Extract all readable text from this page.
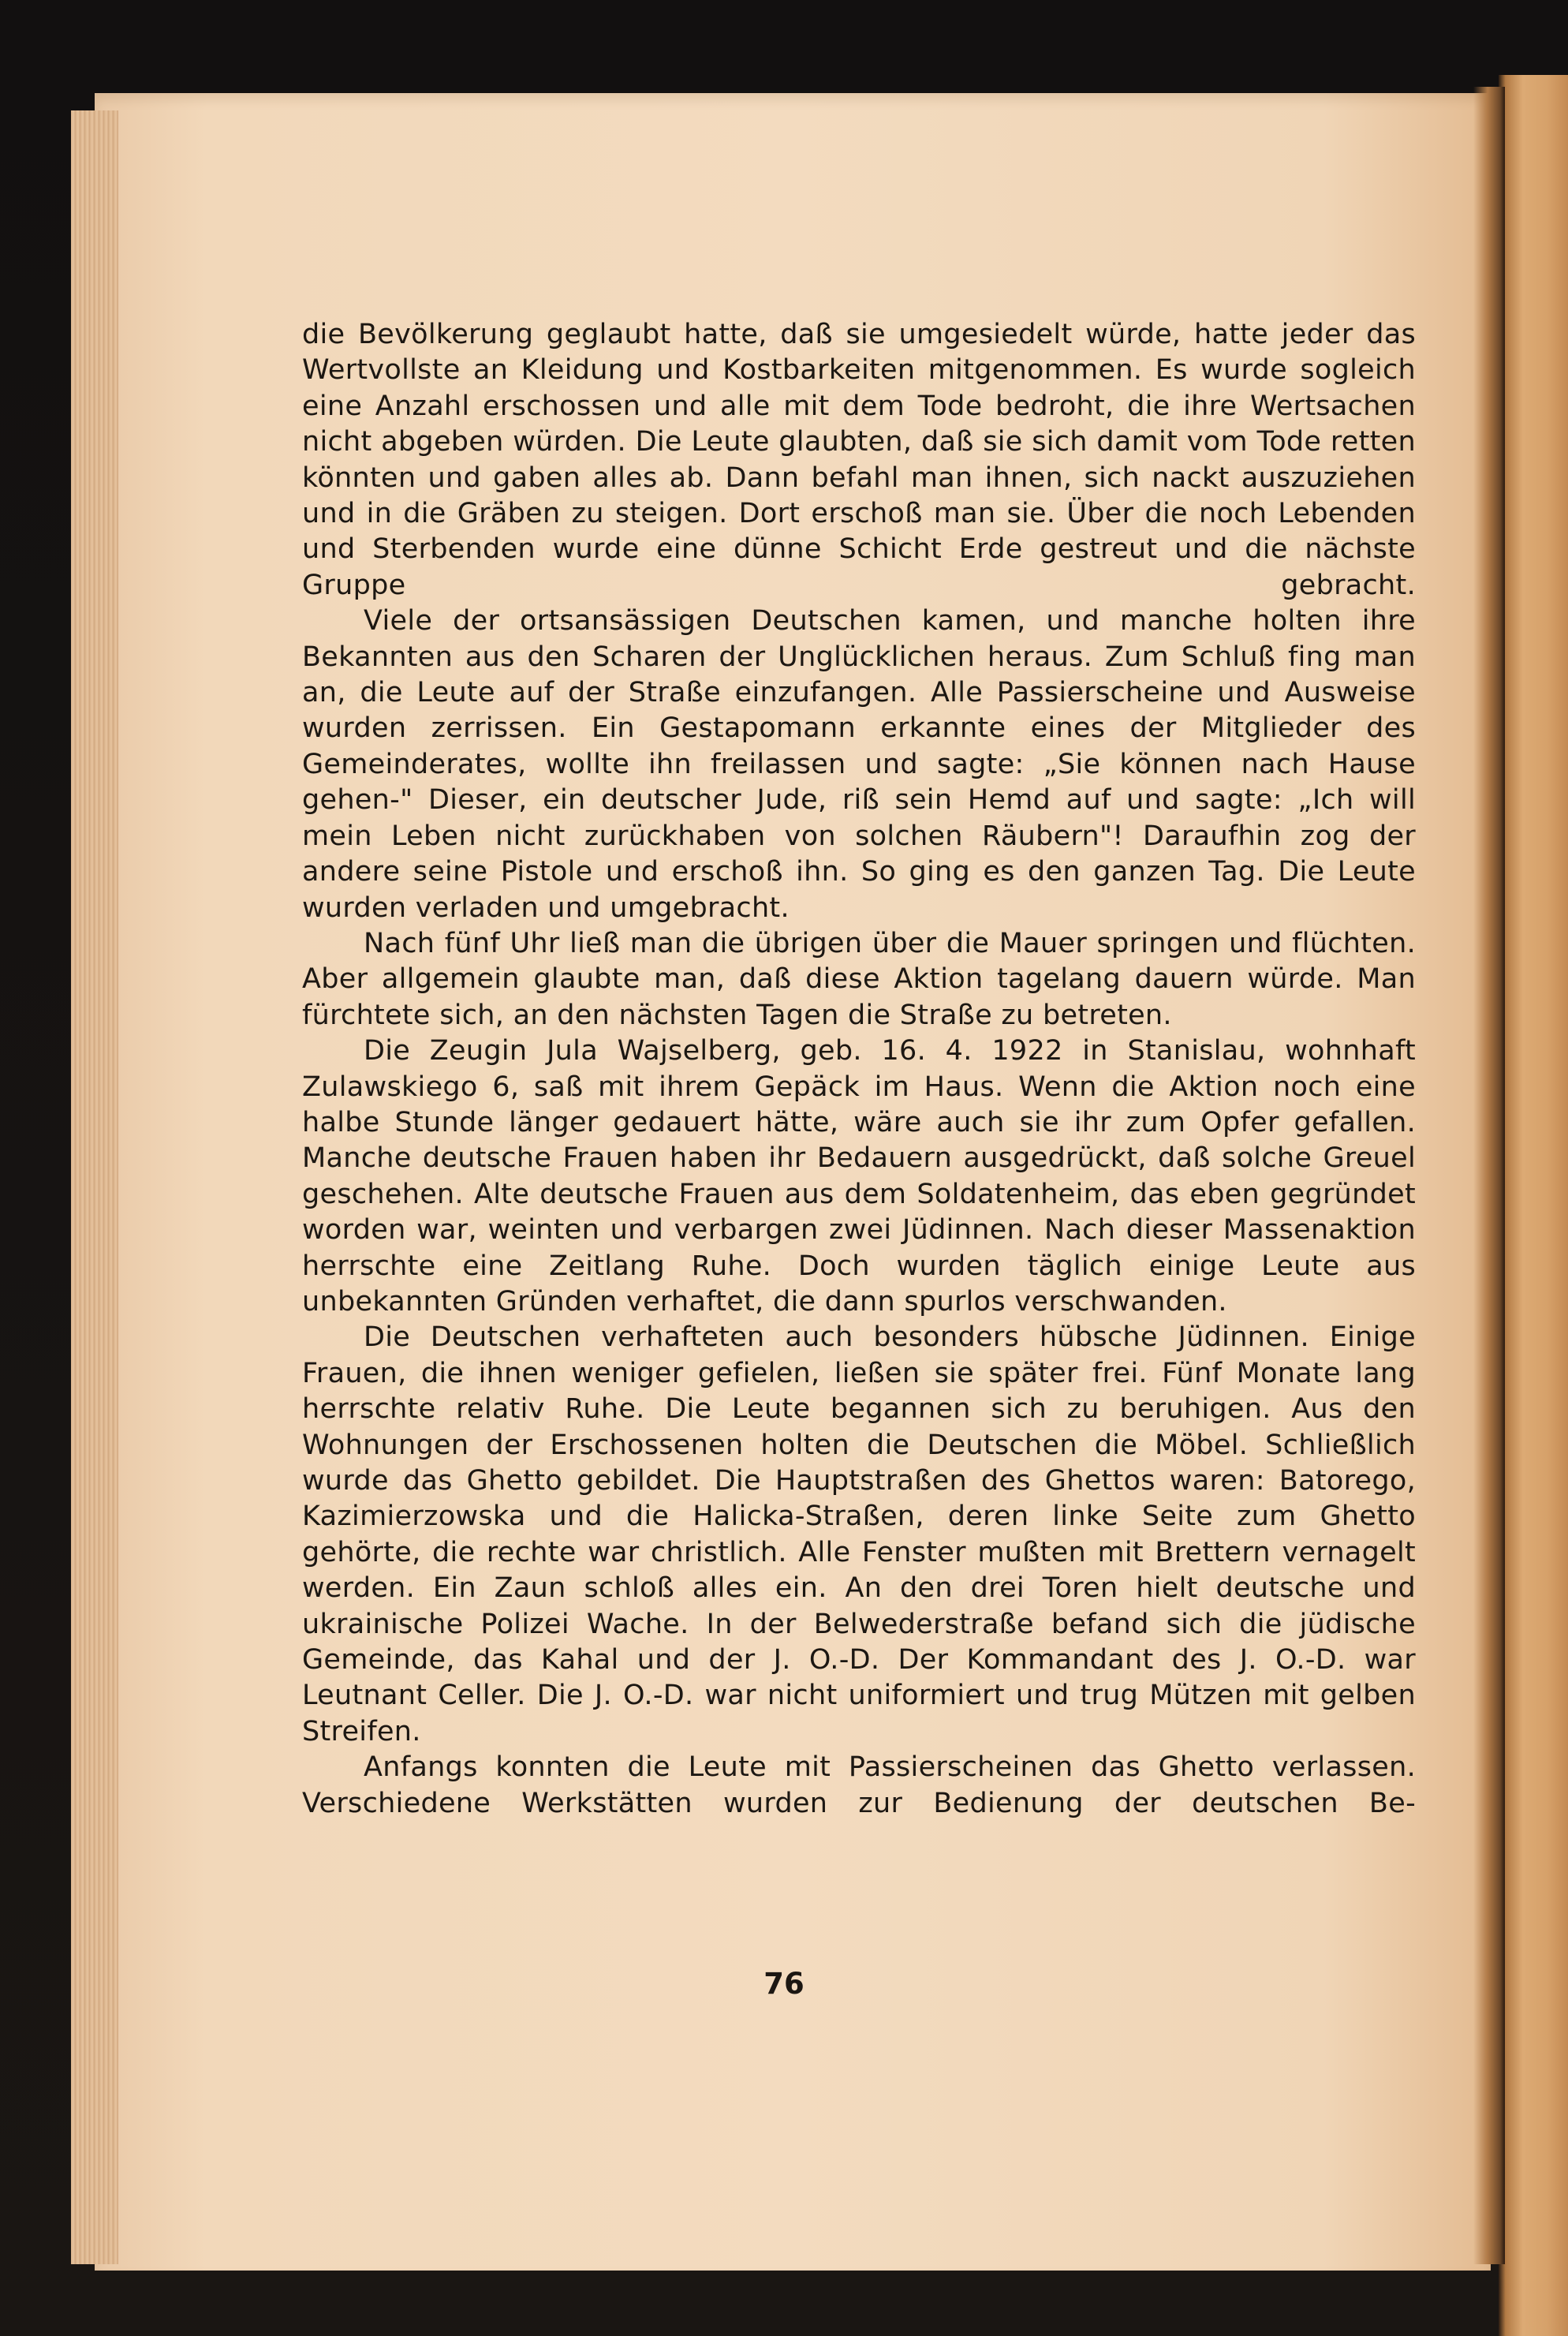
die Bevölkerung geglaubt hatte, daß sie umgesiedelt würde, hatte jeder das Wertvollste an Kleidung und Kostbarkeiten mitgenommen. Es wurde sogleich eine Anzahl erschossen und alle mit dem Tode bedroht, die ihre Wertsachen nicht abgeben würden. Die Leute glaubten, daß sie sich damit vom Tode retten könnten und gaben alles ab. Dann befahl man ihnen, sich nackt auszuziehen und in die Gräben zu steigen. Dort erschoß man sie. Über die noch Lebenden und Sterbenden wurde eine dünne Schicht Erde gestreut und die nächste Gruppe gebracht.

Viele der ortsansässigen Deutschen kamen, und manche holten ihre Bekannten aus den Scharen der Unglücklichen heraus. Zum Schluß fing man an, die Leute auf der Straße einzufangen. Alle Passierscheine und Ausweise wurden zerrissen. Ein Gestapomann erkannte eines der Mitglieder des Gemeinderates, wollte ihn freilassen und sagte: „Sie können nach Hause gehen-" Dieser, ein deutscher Jude, riß sein Hemd auf und sagte: „Ich will mein Leben nicht zurückhaben von solchen Räubern"! Daraufhin zog der andere seine Pistole und erschoß ihn. So ging es den ganzen Tag. Die Leute wurden verladen und umgebracht.

Nach fünf Uhr ließ man die übrigen über die Mauer springen und flüchten. Aber allgemein glaubte man, daß diese Aktion tagelang dauern würde. Man fürchtete sich, an den nächsten Tagen die Straße zu betreten.

Die Zeugin Jula Wajselberg, geb. 16. 4. 1922 in Stanislau, wohnhaft Zulawskiego 6, saß mit ihrem Gepäck im Haus. Wenn die Aktion noch eine halbe Stunde länger gedauert hätte, wäre auch sie ihr zum Opfer gefallen. Manche deutsche Frauen haben ihr Bedauern ausgedrückt, daß solche Greuel geschehen. Alte deutsche Frauen aus dem Soldatenheim, das eben gegründet worden war, weinten und verbargen zwei Jüdinnen. Nach dieser Massenaktion herrschte eine Zeitlang Ruhe. Doch wurden täglich einige Leute aus unbekannten Gründen verhaftet, die dann spurlos verschwanden.

Die Deutschen verhafteten auch besonders hübsche Jüdinnen. Einige Frauen, die ihnen weniger gefielen, ließen sie später frei. Fünf Monate lang herrschte relativ Ruhe. Die Leute begannen sich zu beruhigen. Aus den Wohnungen der Erschossenen holten die Deutschen die Möbel. Schließlich wurde das Ghetto gebildet. Die Hauptstraßen des Ghettos waren: Batorego, Kazimierzowska und die Halicka-Straßen, deren linke Seite zum Ghetto gehörte, die rechte war christlich. Alle Fenster mußten mit Brettern vernagelt werden. Ein Zaun schloß alles ein. An den drei Toren hielt deutsche und ukrainische Polizei Wache. In der Belwederstraße befand sich die jüdische Gemeinde, das Kahal und der J. O.-D. Der Kommandant des J. O.-D. war Leutnant Celler. Die J. O.-D. war nicht uniformiert und trug Mützen mit gelben Streifen.

Anfangs konnten die Leute mit Passierscheinen das Ghetto verlassen. Verschiedene Werkstätten wurden zur Bedienung der deutschen Be-

76
